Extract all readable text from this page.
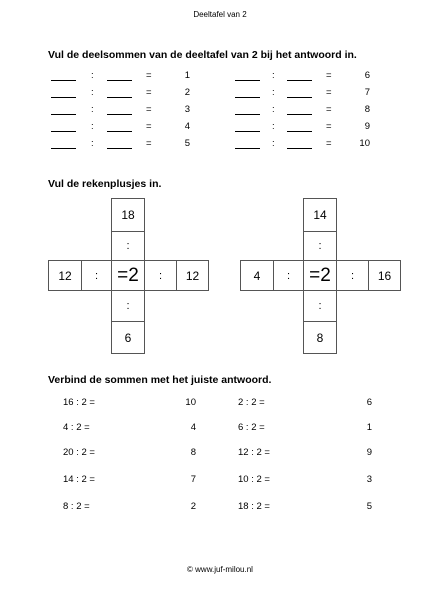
Deeltafel van 2
Vul de deelsommen van de deeltafel van 2 bij het antwoord in.
:	=	1
:	=	2
:	=	3
:	=	4
:	=	5
:	=	6
:	=	7
:	=	8
:	=	9
:	=	10
Vul de rekenplusjes in.
18
:
12	:	=2	:	12
:
6
14
:
4	:	=2	:	16
:
8
Verbind de sommen met het juiste antwoord.
16 : 2 =	10
4 : 2 =	4
20 : 2 =	8
14 : 2 =	7
8 : 2 =	2
2 : 2 =	6
6 : 2 =	1
12 : 2 =	9
10 : 2 =	3
18 : 2 =	5
© www.juf-milou.nl
